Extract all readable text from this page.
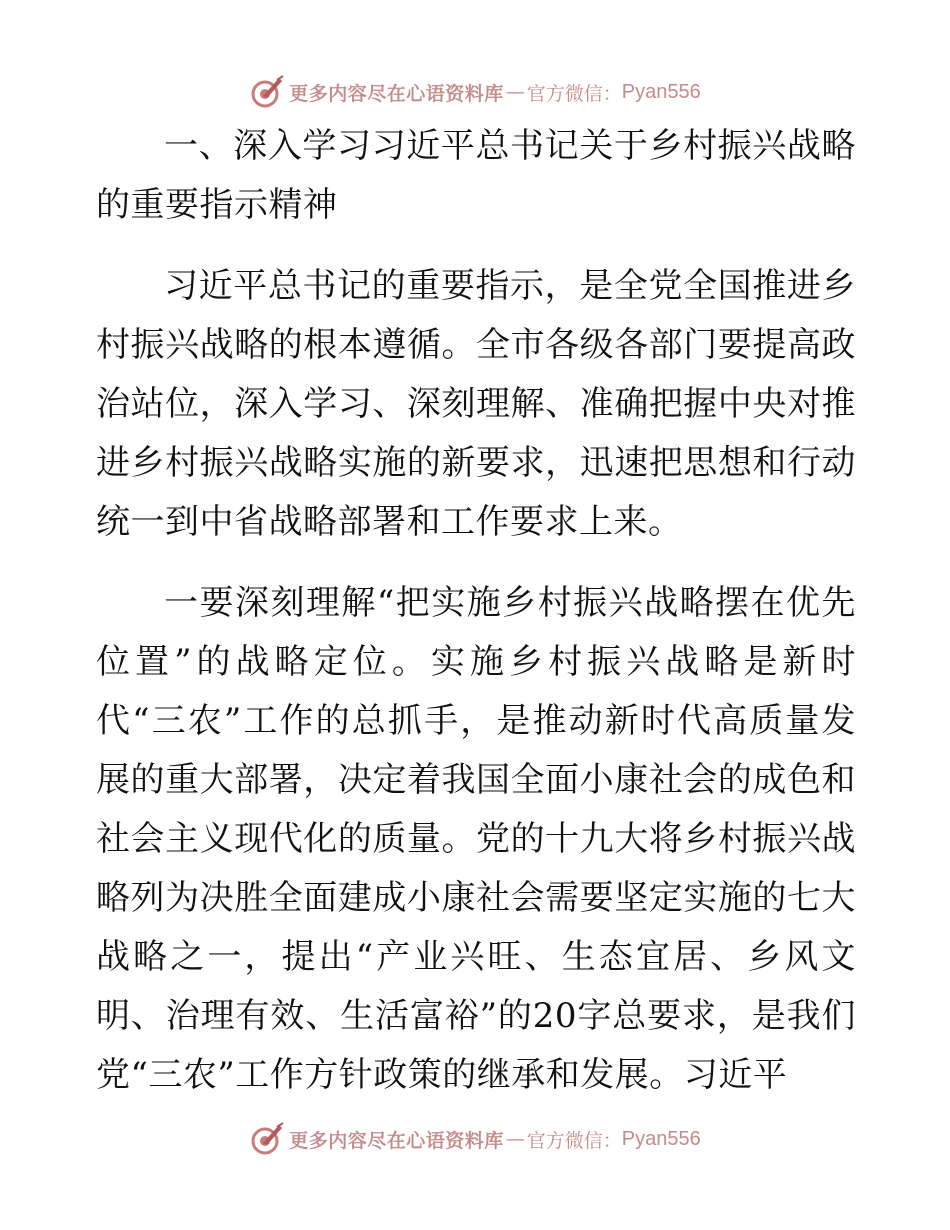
更多内容尽在心语资料库 — 官方微信： Pyan556

一、深入学习习近平总书记关于乡村振兴战略的重要指示精神

习近平总书记的重要指示，是全党全国推进乡村振兴战略的根本遵循。全市各级各部门要提高政治站位，深入学习、深刻理解、准确把握中央对推进乡村振兴战略实施的新要求，迅速把思想和行动统一到中省战略部署和工作要求上来。

一要深刻理解“把实施乡村振兴战略摆在优先位置”的战略定位。实施乡村振兴战略是新时代“三农”工作的总抓手，是推动新时代高质量发展的重大部署，决定着我国全面小康社会的成色和社会主义现代化的质量。党的十九大将乡村振兴战略列为决胜全面建成小康社会需要坚定实施的七大战略之一，提出“产业兴旺、生态宜居、乡风文明、治理有效、生活富裕”的20字总要求，是我们党“三农”工作方针政策的继承和发展。习近平

更多内容尽在心语资料库 — 官方微信： Pyan556
